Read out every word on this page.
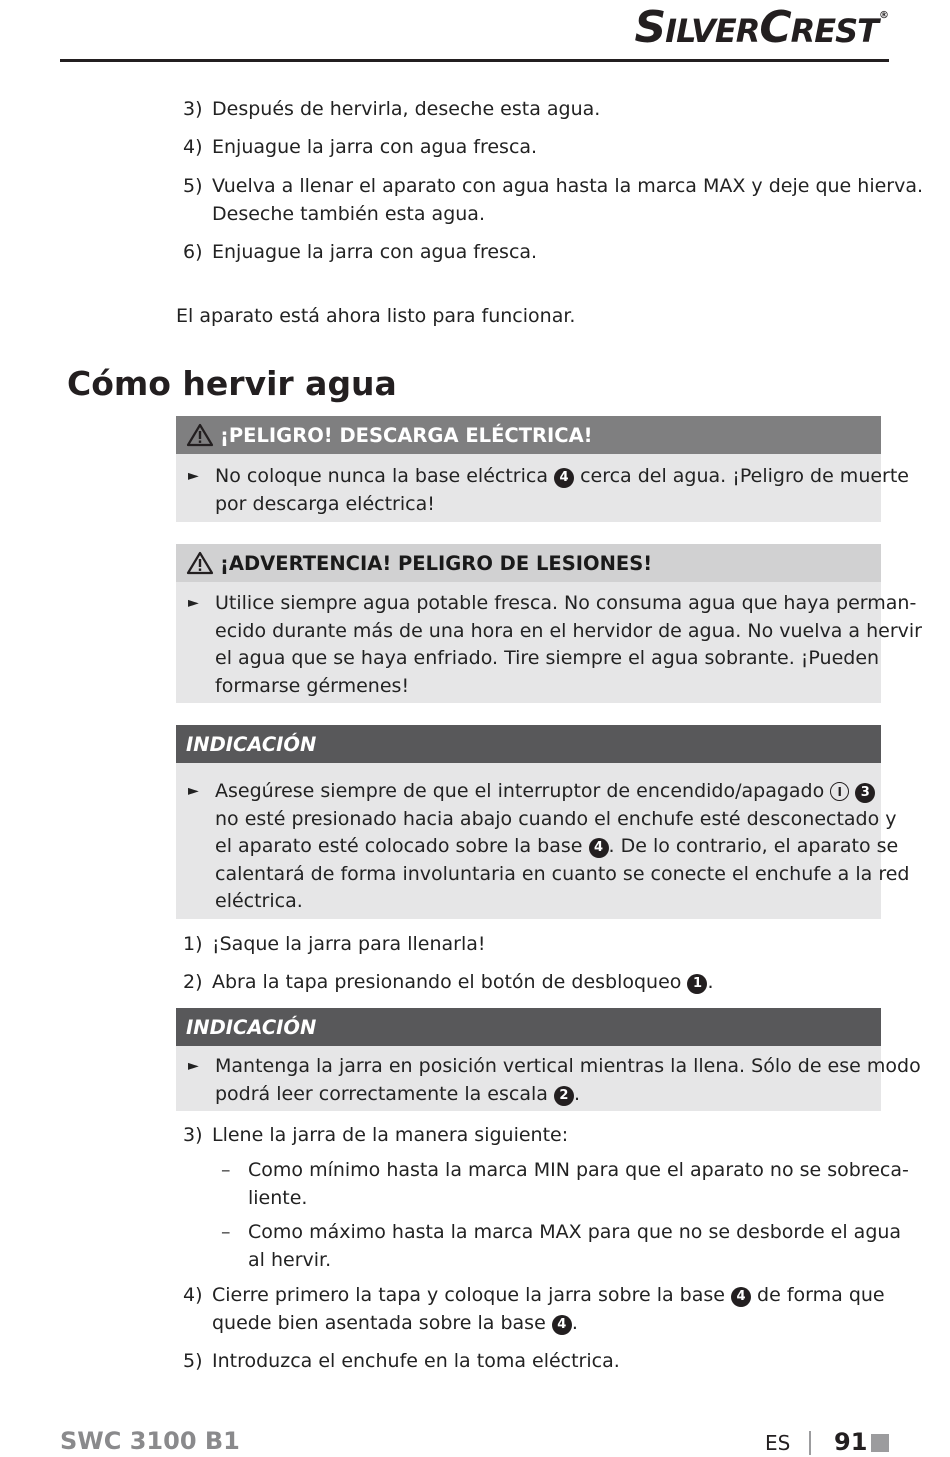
SILVERCREST®
3) Después de hervirla, deseche esta agua.
4) Enjuague la jarra con agua fresca.
5) Vuelva a llenar el aparato con agua hasta la marca MAX y deje que hierva.
Deseche también esta agua.
6) Enjuague la jarra con agua fresca.
El aparato está ahora listo para funcionar.
Cómo hervir agua
¡PELIGRO! DESCARGA ELÉCTRICA!
► No coloque nunca la base eléctrica 4 cerca del agua. ¡Peligro de muerte
por descarga eléctrica!
¡ADVERTENCIA! PELIGRO DE LESIONES!
► Utilice siempre agua potable fresca. No consuma agua que haya perman-
ecido durante más de una hora en el hervidor de agua. No vuelva a hervir
el agua que se haya enfriado. Tire siempre el agua sobrante. ¡Pueden
formarse gérmenes!
INDICACIÓN
► Asegúrese siempre de que el interruptor de encendido/apagado I 3
no esté presionado hacia abajo cuando el enchufe esté desconectado y
el aparato esté colocado sobre la base 4 . De lo contrario, el aparato se
calentará de forma involuntaria en cuanto se conecte el enchufe a la red
eléctrica.
1) ¡Saque la jarra para llenarla!
2) Abra la tapa presionando el botón de desbloqueo 1 .
INDICACIÓN
► Mantenga la jarra en posición vertical mientras la llena. Sólo de ese modo
podrá leer correctamente la escala 2 .
3) Llene la jarra de la manera siguiente:
– Como mínimo hasta la marca MIN para que el aparato no se sobreca-
liente.
– Como máximo hasta la marca MAX para que no se desborde el agua
al hervir.
4) Cierre primero la tapa y coloque la jarra sobre la base 4 de forma que
quede bien asentada sobre la base 4 .
5) Introduzca el enchufe en la toma eléctrica.
SWC 3100 B1	ES 91
